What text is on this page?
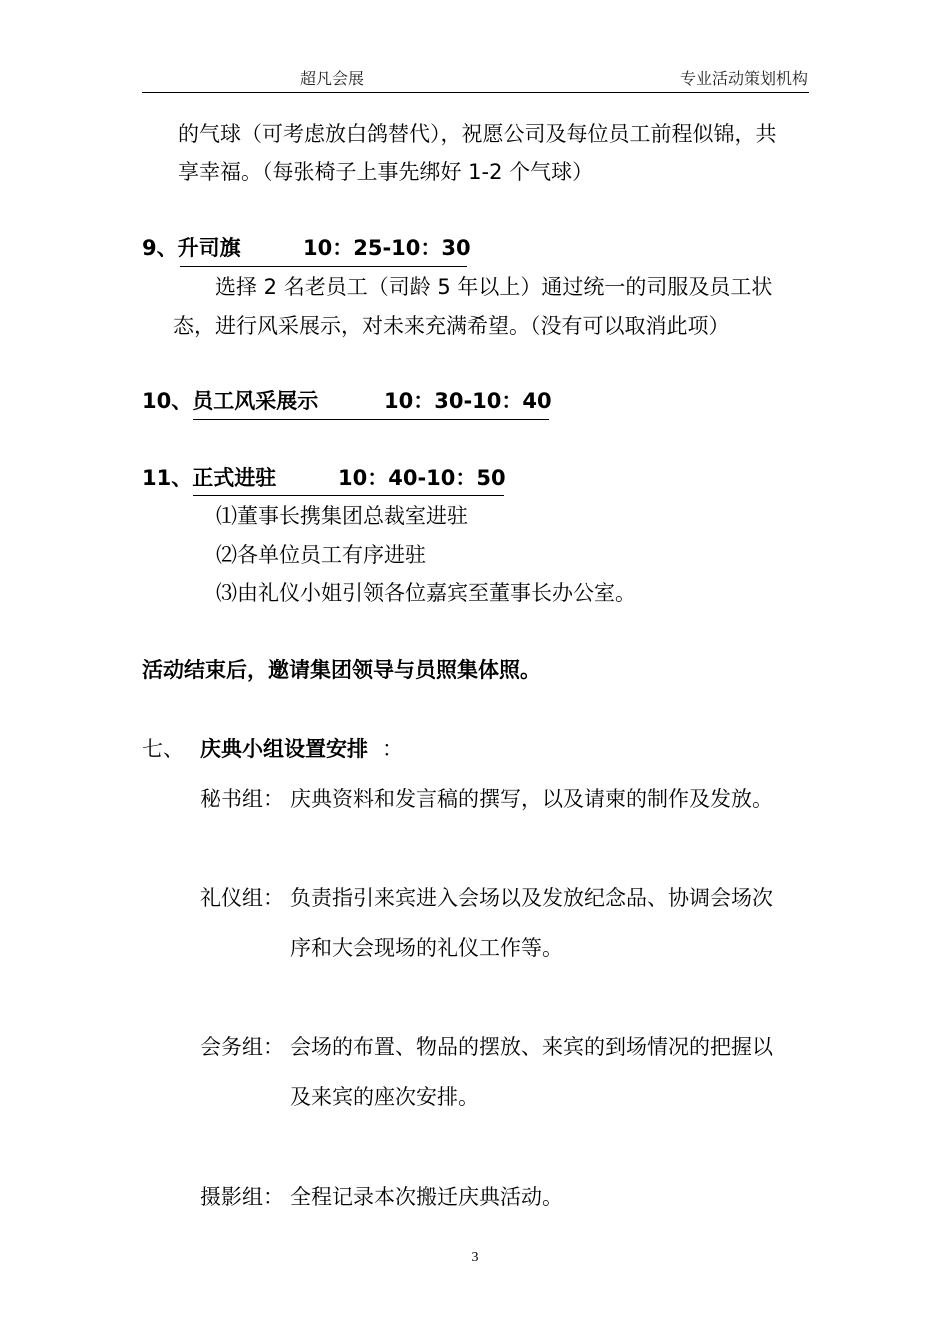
超凡会展	专业活动策划机构
的气球（可考虑放白鸽替代），祝愿公司及每位员工前程似锦，共
享幸福。（每张椅子上事先绑好 1-2 个气球）
9、升司旗	10：25-10：30
选择 2 名老员工（司龄 5 年以上）通过统一的司服及员工状
态，进行风采展示，对未来充满希望。（没有可以取消此项）
10、员工风采展示	10：30-10：40
11、正式进驻	10：40-10：50
⑴董事长携集团总裁室进驻
⑵各单位员工有序进驻
⑶由礼仪小姐引领各位嘉宾至董事长办公室。
活动结束后，邀请集团领导与员照集体照。
七、 庆典小组设置安排 ：
秘书组： 庆典资料和发言稿的撰写，以及请柬的制作及发放。
礼仪组： 负责指引来宾进入会场以及发放纪念品、协调会场次
序和大会现场的礼仪工作等。
会务组： 会场的布置、物品的摆放、来宾的到场情况的把握以
及来宾的座次安排。
摄影组： 全程记录本次搬迁庆典活动。
3
